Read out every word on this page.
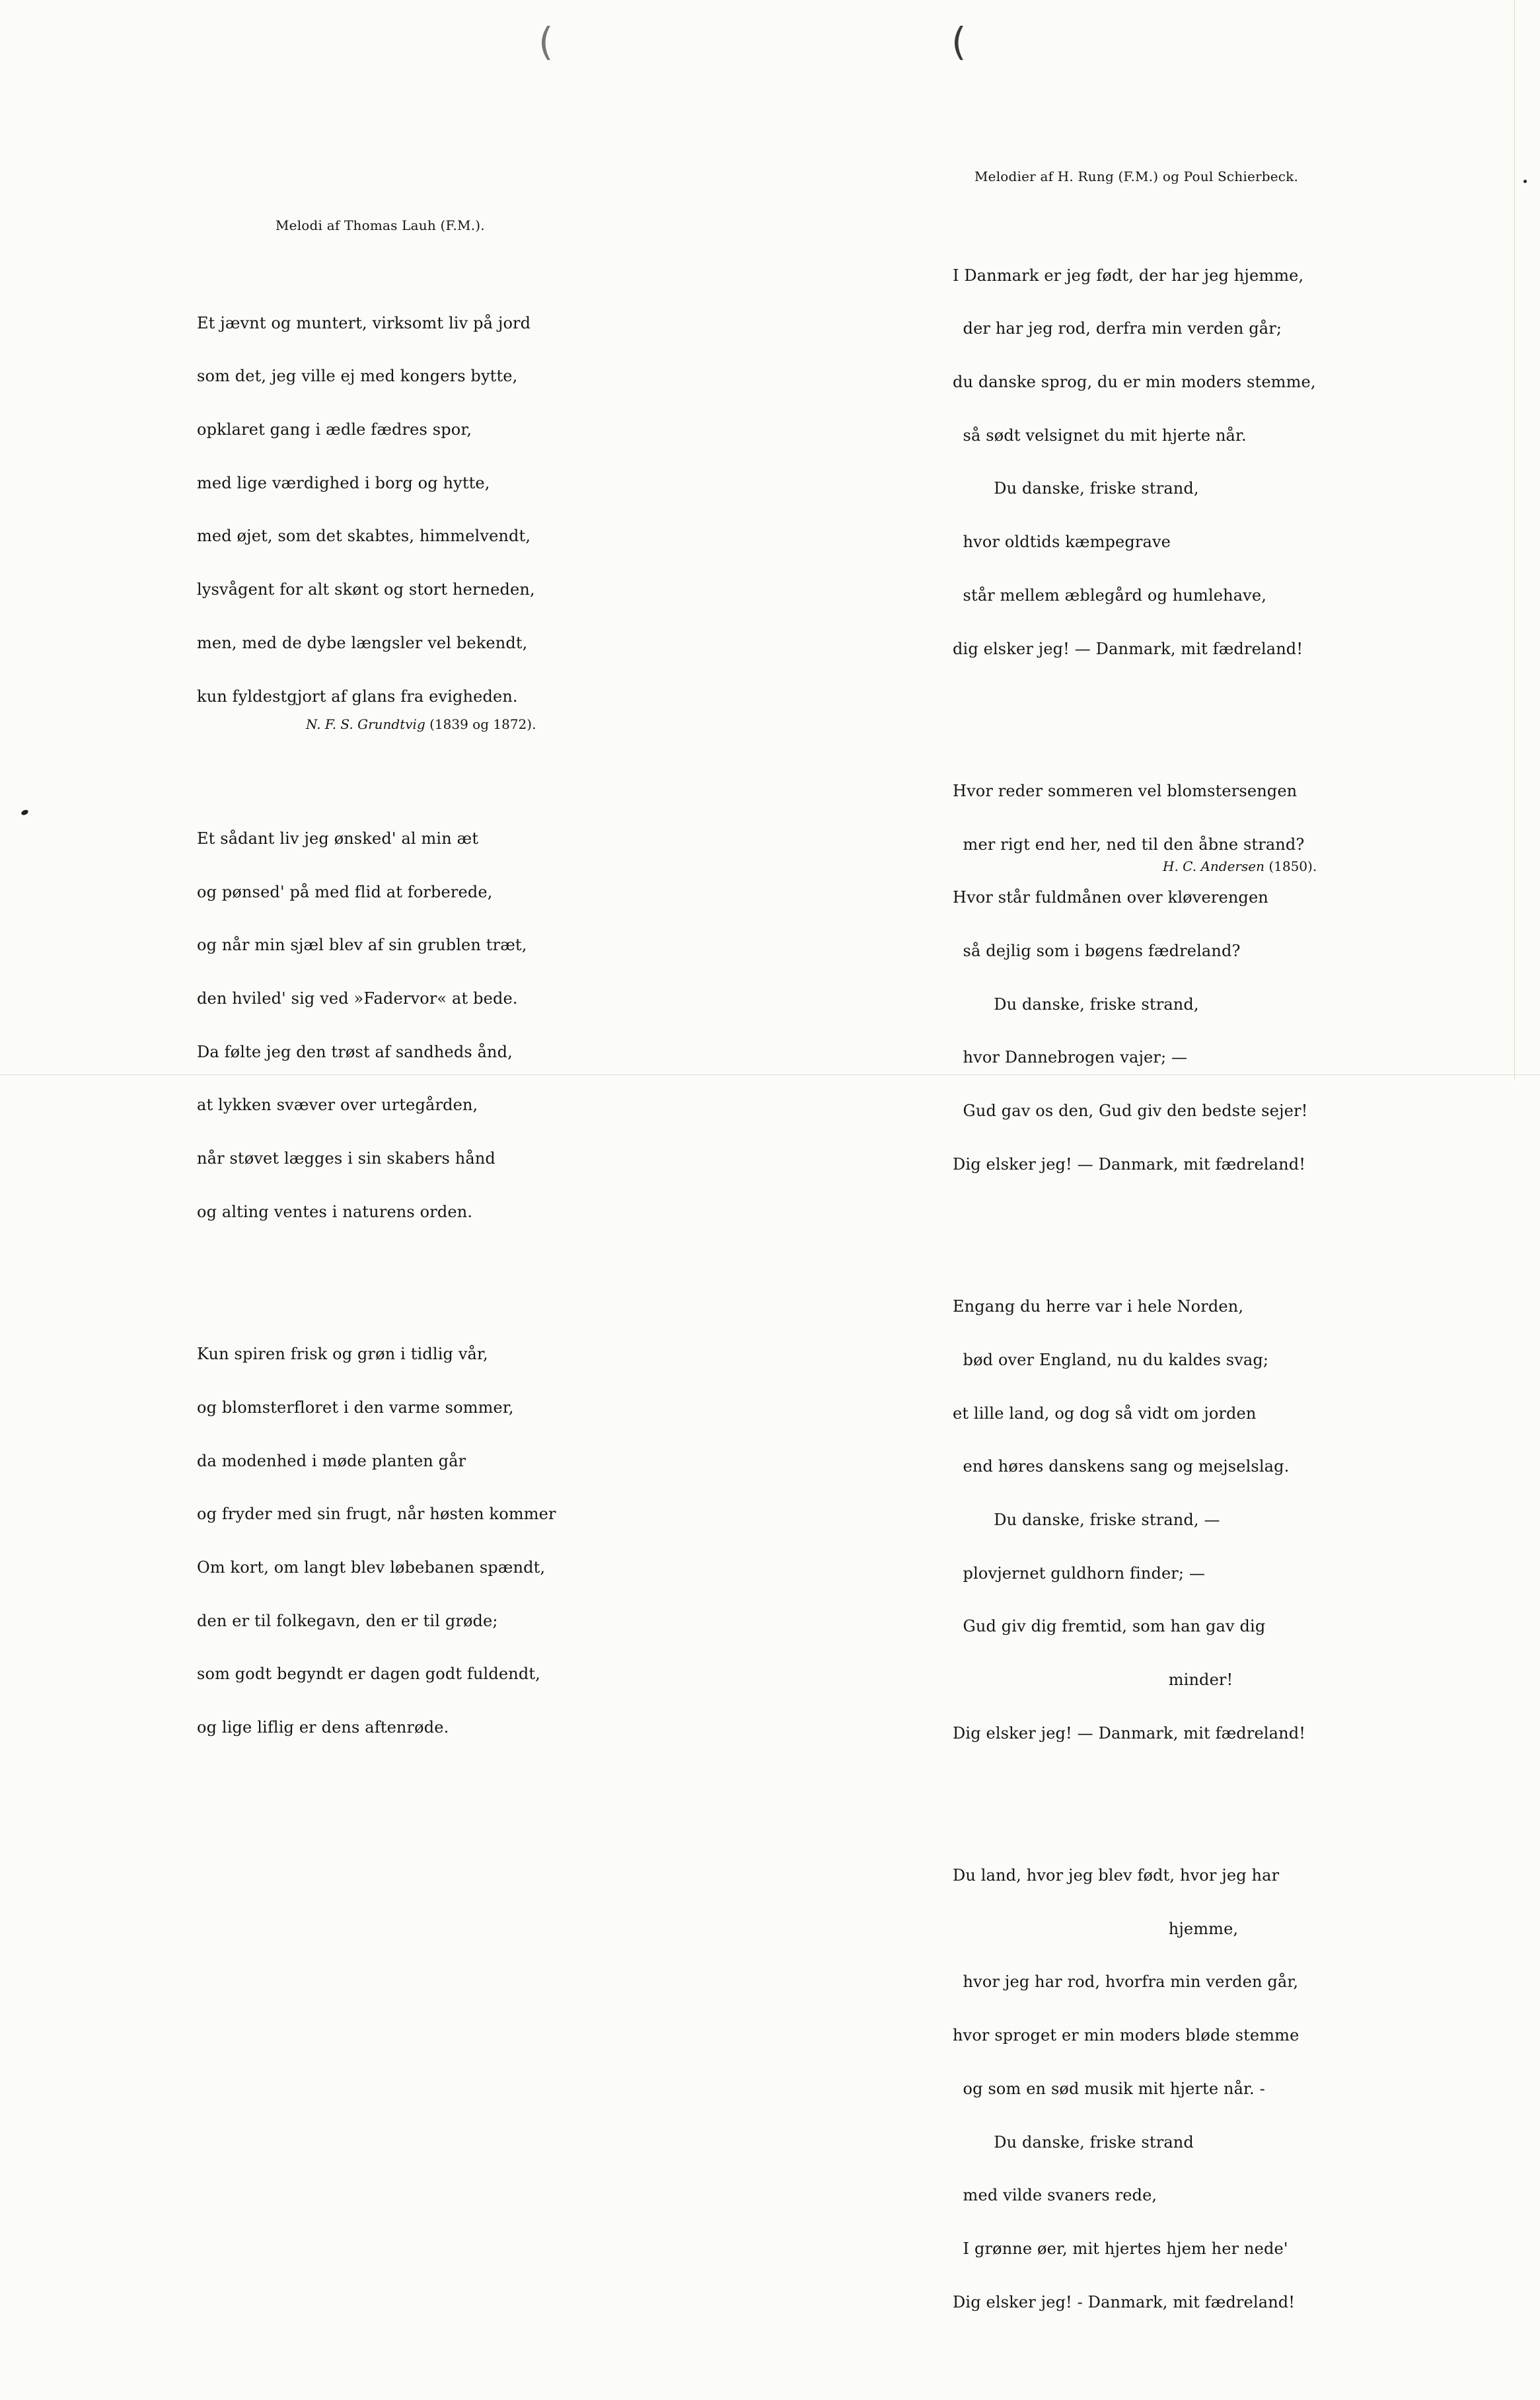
(
Melodi af Thomas Lauh (F.M.).

Et jævnt og muntert, virksomt liv på jord

som det, jeg ville ej med kongers bytte,

opklaret gang i ædle fædres spor,

med lige værdighed i borg og hytte,

med øjet, som det skabtes, himmelvendt,

lysvågent for alt skønt og stort herneden,

men, med de dybe længsler vel bekendt,

kun fyldestgjort af glans fra evigheden.

Et sådant liv jeg ønsked' al min æt

og pønsed' på med flid at forberede,

og når min sjæl blev af sin grublen træt,

den hviled' sig ved »Fadervor« at bede.

Da følte jeg den trøst af sandheds ånd,

at lykken svæver over urtegården,

når støvet lægges i sin skabers hånd

og alting ventes i naturens orden.

Kun spiren frisk og grøn i tidlig vår,

og blomsterfloret i den varme sommer,

da modenhed i møde planten går

og fryder med sin frugt, når høsten kommer

Om kort, om langt blev løbebanen spændt,

den er til folkegavn, den er til grøde;

som godt begyndt er dagen godt fuldendt,

og lige liflig er dens aftenrøde.

N. F. S. Grundtvig (1839 og 1872).
(
Melodier af H. Rung (F.M.) og Poul Schierbeck.

I Danmark er jeg født, der har jeg hjemme,

der har jeg rod, derfra min verden går;

du danske sprog, du er min moders stemme,

så sødt velsignet du mit hjerte når.

Du danske, friske strand,

hvor oldtids kæmpegrave

står mellem æblegård og humlehave,

dig elsker jeg! — Danmark, mit fædreland!

Hvor reder sommeren vel blomstersengen

mer rigt end her, ned til den åbne strand?

Hvor står fuldmånen over kløverengen

så dejlig som i bøgens fædreland?

Du danske, friske strand,

hvor Dannebrogen vajer; —

Gud gav os den, Gud giv den bedste sejer!

Dig elsker jeg! — Danmark, mit fædreland!

Engang du herre var i hele Norden,

bød over England, nu du kaldes svag;

et lille land, og dog så vidt om jorden

end høres danskens sang og mejselslag.

Du danske, friske strand, —

plovjernet guldhorn finder; —

Gud giv dig fremtid, som han gav dig

minder!

Dig elsker jeg! — Danmark, mit fædreland!

Du land, hvor jeg blev født, hvor jeg har

hjemme,

hvor jeg har rod, hvorfra min verden går,

hvor sproget er min moders bløde stemme

og som en sød musik mit hjerte når. -

Du danske, friske strand

med vilde svaners rede,

I grønne øer, mit hjertes hjem her nede'

Dig elsker jeg! - Danmark, mit fædreland!

H. C. Andersen (1850).
